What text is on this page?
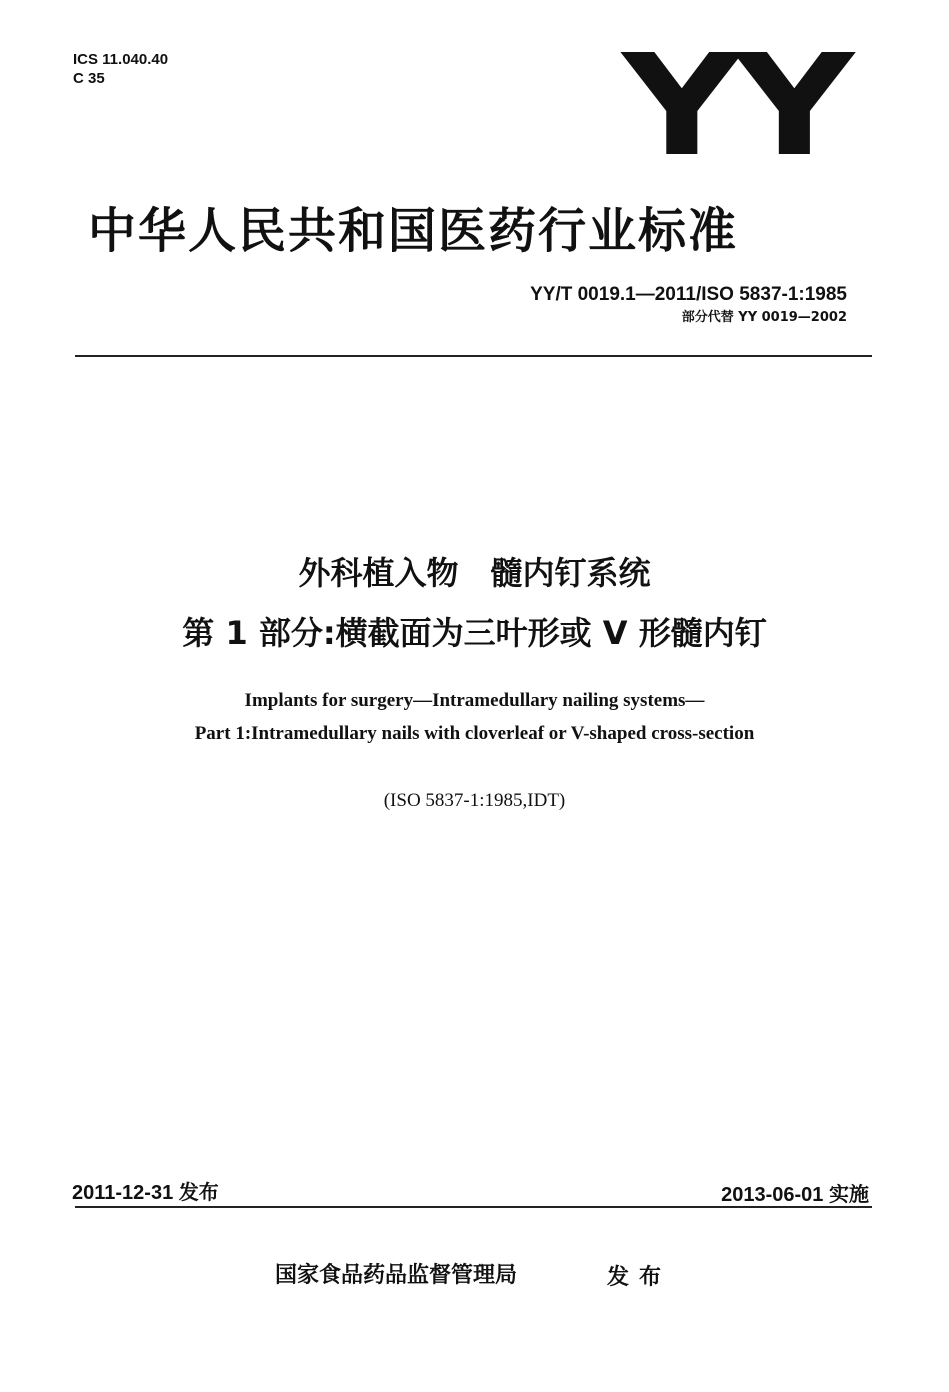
ICS 11.040.40
C 35	YY
中华人民共和国医药行业标准
YY/T 0019.1—2011/ISO 5837-1:1985
部分代替 YY 0019—2002
外科植入物　髓内钉系统
第 1 部分:横截面为三叶形或 V 形髓内钉
Implants for surgery—Intramedullary nailing systems—
Part 1:Intramedullary nails with cloverleaf or V-shaped cross-section
(ISO 5837-1:1985,IDT)
2011-12-31 发布	2013-06-01 实施
国家食品药品监督管理局	发布
